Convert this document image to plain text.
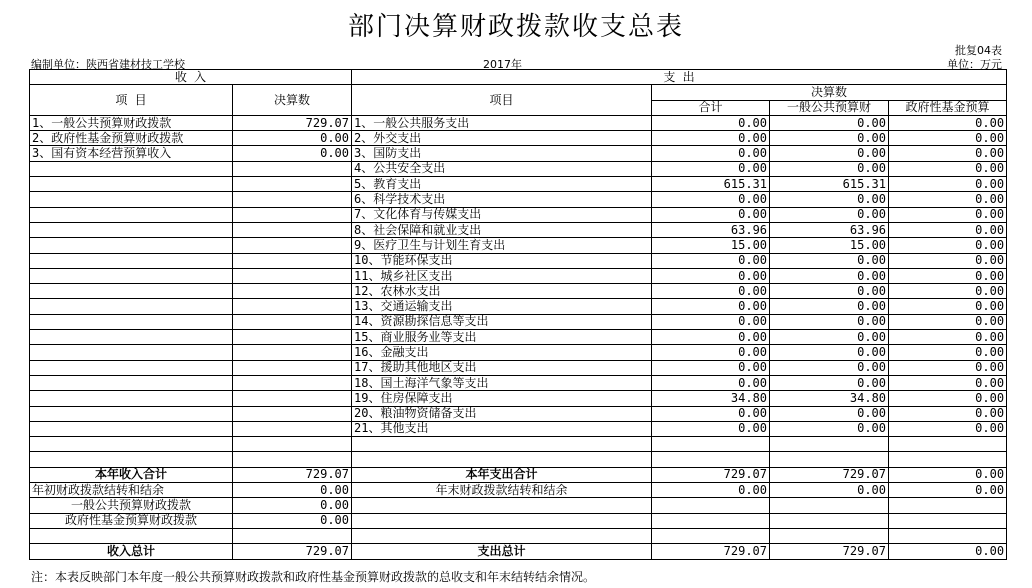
部门决算财政拨款收支总表
批复04表
编制单位：陕西省建材技工学校	2017年	单位：万元
收 入		支 出			
项 目	决算数	项目	决算数		
			合计	一般公共预算财	政府性基金预算
1、一般公共预算财政拨款	729.07	1、一般公共服务支出	0.00	0.00	0.00
2、政府性基金预算财政拨款	0.00	2、外交支出	0.00	0.00	0.00
3、国有资本经营预算收入	0.00	3、国防支出	0.00	0.00	0.00
		4、公共安全支出	0.00	0.00	0.00
		5、教育支出	615.31	615.31	0.00
		6、科学技术支出	0.00	0.00	0.00
		7、文化体育与传媒支出	0.00	0.00	0.00
		8、社会保障和就业支出	63.96	63.96	0.00
		9、医疗卫生与计划生育支出	15.00	15.00	0.00
		10、节能环保支出	0.00	0.00	0.00
		11、城乡社区支出	0.00	0.00	0.00
		12、农林水支出	0.00	0.00	0.00
		13、交通运输支出	0.00	0.00	0.00
		14、资源勘探信息等支出	0.00	0.00	0.00
		15、商业服务业等支出	0.00	0.00	0.00
		16、金融支出	0.00	0.00	0.00
		17、援助其他地区支出	0.00	0.00	0.00
		18、国土海洋气象等支出	0.00	0.00	0.00
		19、住房保障支出	34.80	34.80	0.00
		20、粮油物资储备支出	0.00	0.00	0.00
		21、其他支出	0.00	0.00	0.00

本年收入合计	729.07	本年支出合计	729.07	729.07	0.00
年初财政拨款结转和结余	0.00	年末财政拨款结转和结余	0.00	0.00	0.00
一般公共预算财政拨款	0.00				
政府性基金预算财政拨款	0.00				

收入总计	729.07	支出总计	729.07	729.07	0.00
注：本表反映部门本年度一般公共预算财政拨款和政府性基金预算财政拨款的总收支和年末结转结余情况。
